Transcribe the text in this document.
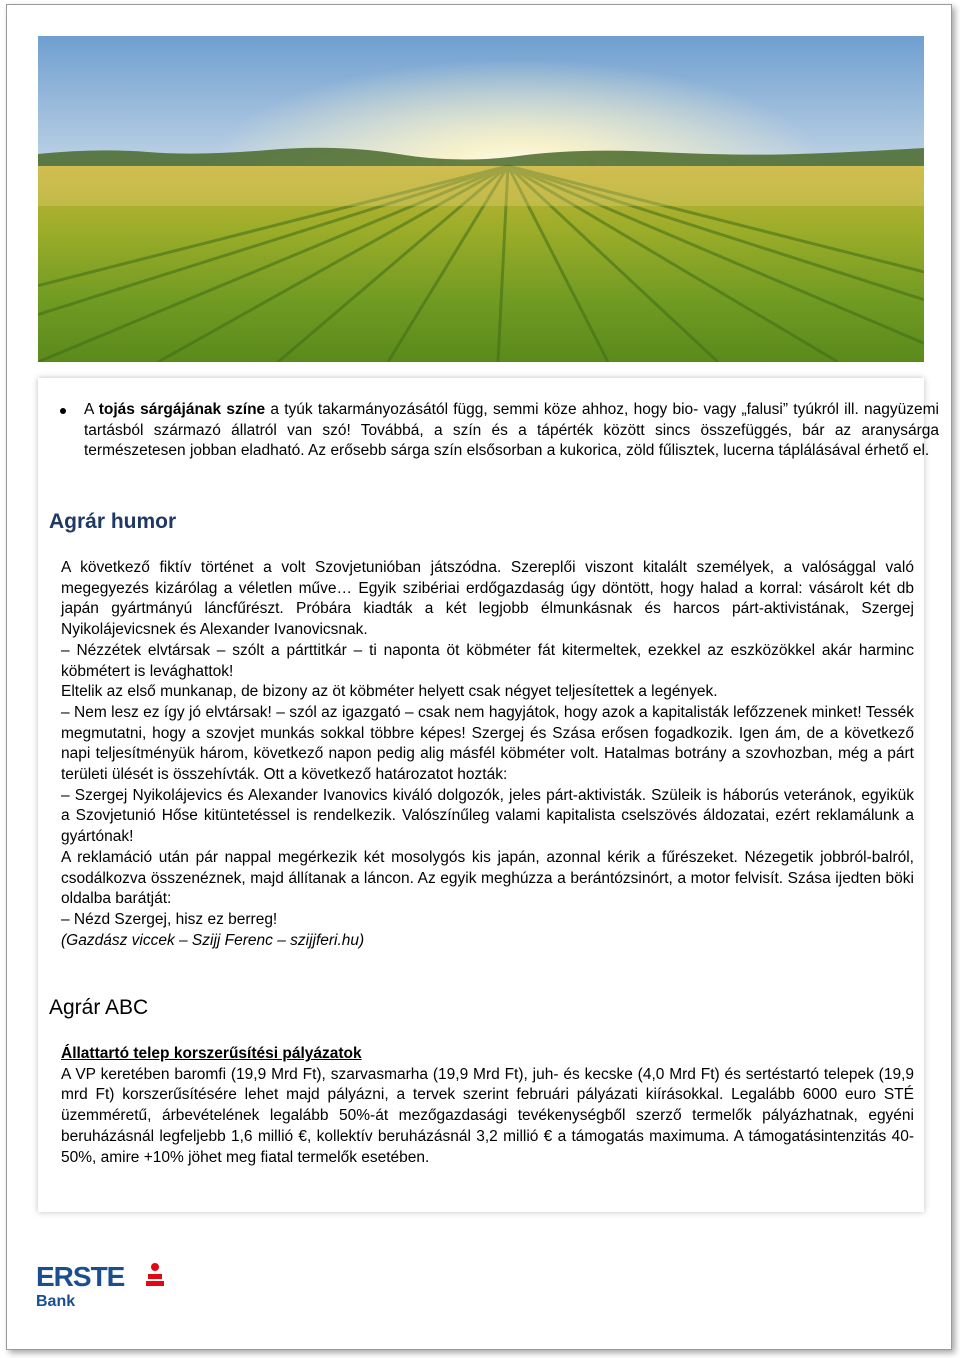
A tojás sárgájának színe a tyúk takarmányozásától függ, semmi köze ahhoz, hogy bio- vagy „falusi” tyúkról ill. nagyüzemi tartásból származó állatról van szó! Továbbá, a szín és a tápérték között sincs összefüggés, bár az aranysárga természetesen jobban eladható. Az erősebb sárga szín elsősorban a kukorica, zöld fűlisztek, lucerna táplálásával érhető el.
Agrár humor

A következő fiktív történet a volt Szovjetunióban játszódna. Szereplői viszont kitalált személyek, a valósággal való megegyezés kizárólag a véletlen műve… Egyik szibériai erdőgazdaság úgy döntött, hogy halad a korral: vásárolt két db japán gyártmányú láncfűrészt. Próbára kiadták a két legjobb élmunkásnak és harcos párt-aktivistának, Szergej Nyikolájevicsnek és Alexander Ivanovicsnak.

– Nézzétek elvtársak – szólt a párttitkár – ti naponta öt köbméter fát kitermeltek, ezekkel az eszközökkel akár harminc köbmétert is levághattok!

Eltelik az első munkanap, de bizony az öt köbméter helyett csak négyet teljesítettek a legények.

– Nem lesz ez így jó elvtársak! – szól az igazgató – csak nem hagyjátok, hogy azok a kapitalisták lefőzzenek minket! Tessék megmutatni, hogy a szovjet munkás sokkal többre képes! Szergej és Szása erősen fogadkozik. Igen ám, de a következő napi teljesítményük három, következő napon pedig alig másfél köbméter volt. Hatalmas botrány a szovhozban, még a párt területi ülését is összehívták. Ott a következő határozatot hozták:

– Szergej Nyikolájevics és Alexander Ivanovics kiváló dolgozók, jeles párt-aktivisták. Szüleik is háborús veteránok, egyikük a Szovjetunió Hőse kitüntetéssel is rendelkezik. Valószínűleg valami kapitalista cselszövés áldozatai, ezért reklamálunk a gyártónak!

A reklamáció után pár nappal megérkezik két mosolygós kis japán, azonnal kérik a fűrészeket. Nézegetik jobbról-balról, csodálkozva összenéznek, majd állítanak a láncon. Az egyik meghúzza a berántózsinórt, a motor felvisít. Szása ijedten böki oldalba barátját:

– Nézd Szergej, hisz ez berreg!

(Gazdász viccek – Szijj Ferenc – szijjferi.hu)

Agrár ABC

Állattartó telep korszerűsítési pályázatok

A VP keretében baromfi (19,9 Mrd Ft), szarvasmarha (19,9 Mrd Ft), juh- és kecske (4,0 Mrd Ft) és sertéstartó telepek (19,9 mrd Ft) korszerűsítésére lehet majd pályázni, a tervek szerint februári pályázati kiírásokkal. Legalább 6000 euro STÉ üzemméretű, árbevételének legalább 50%-át mezőgazdasági tevékenységből szerző termelők pályázhatnak, egyéni beruházásnál legfeljebb 1,6 millió €, kollektív beruházásnál 3,2 millió € a támogatás maximuma. A támogatásintenzitás 40-50%, amire +10% jöhet meg fiatal termelők esetében.

ERSTE
Bank
